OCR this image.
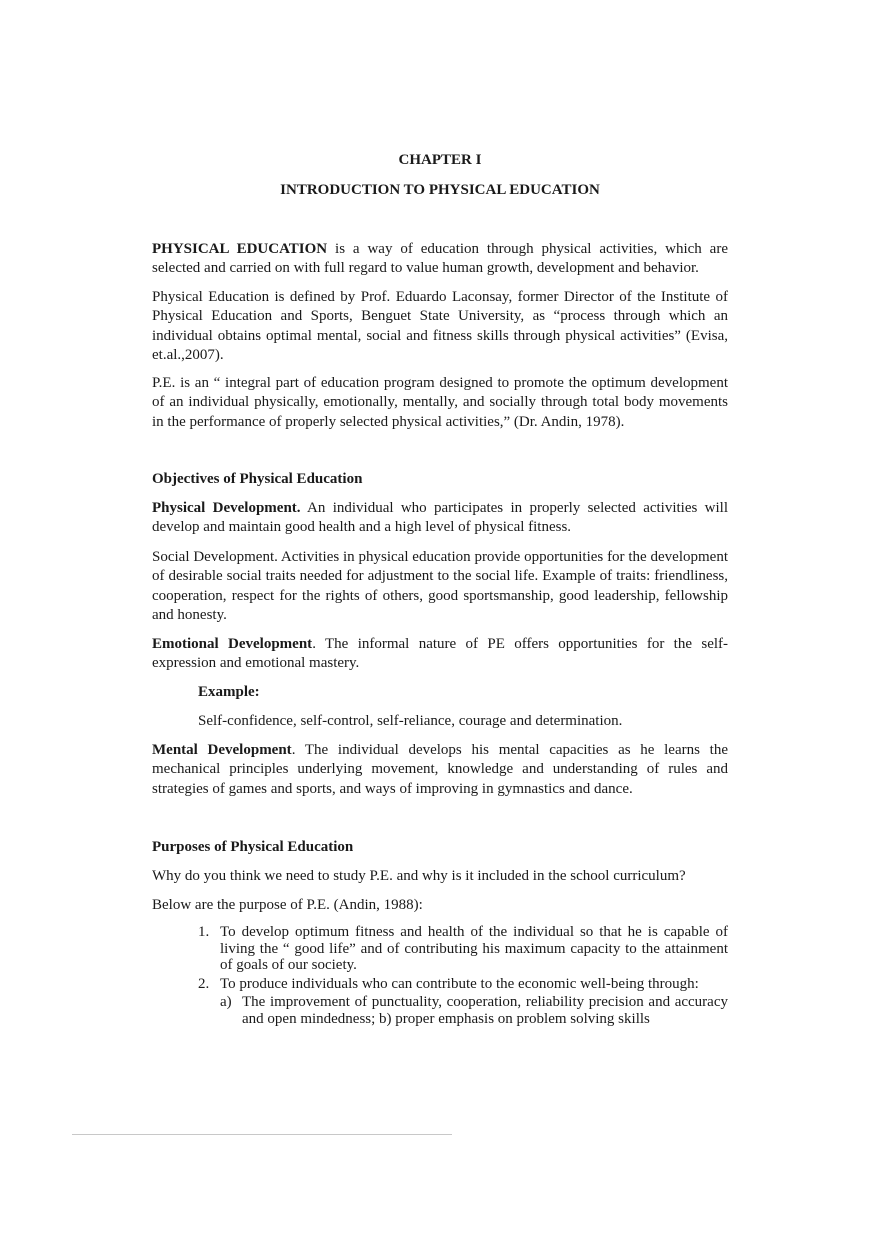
CHAPTER I
INTRODUCTION TO PHYSICAL EDUCATION

PHYSICAL EDUCATION is a way of education through physical activities, which are selected and carried on with full regard to value human growth, development and behavior.

Physical Education is defined by Prof. Eduardo Laconsay, former Director of the Institute of Physical Education and Sports, Benguet State University, as “process through which an individual obtains optimal mental, social and fitness skills through physical activities” (Evisa, et.al.,2007).

P.E. is an “ integral part of education program designed to promote the optimum development of an individual physically, emotionally, mentally, and socially through total body movements in the performance of properly selected physical activities,” (Dr. Andin, 1978).

Objectives of Physical Education

Physical Development. An individual who participates in properly selected activities will develop and maintain good health and a high level of physical fitness.

Social Development. Activities in physical education provide opportunities for the development of desirable social traits needed for adjustment to the social life. Example of traits: friendliness, cooperation, respect for the rights of others, good sportsmanship, good leadership, fellowship and honesty.

Emotional Development. The informal nature of PE offers opportunities for the self-expression and emotional mastery.

Example:

Self-confidence, self-control, self-reliance, courage and determination.

Mental Development. The individual develops his mental capacities as he learns the mechanical principles underlying movement, knowledge and understanding of rules and strategies of games and sports, and ways of improving in gymnastics and dance.

Purposes of Physical Education

Why do you think we need to study P.E. and why is it included in the school curriculum?

Below are the purpose of P.E. (Andin, 1988):

1. To develop optimum fitness and health of the individual so that he is capable of living the “ good life” and of contributing his maximum capacity to the attainment of goals of our society.
2. To produce individuals who can contribute to the economic well-being through:
a) The improvement of punctuality, cooperation, reliability precision and accuracy and open mindedness; b) proper emphasis on problem solving skills
